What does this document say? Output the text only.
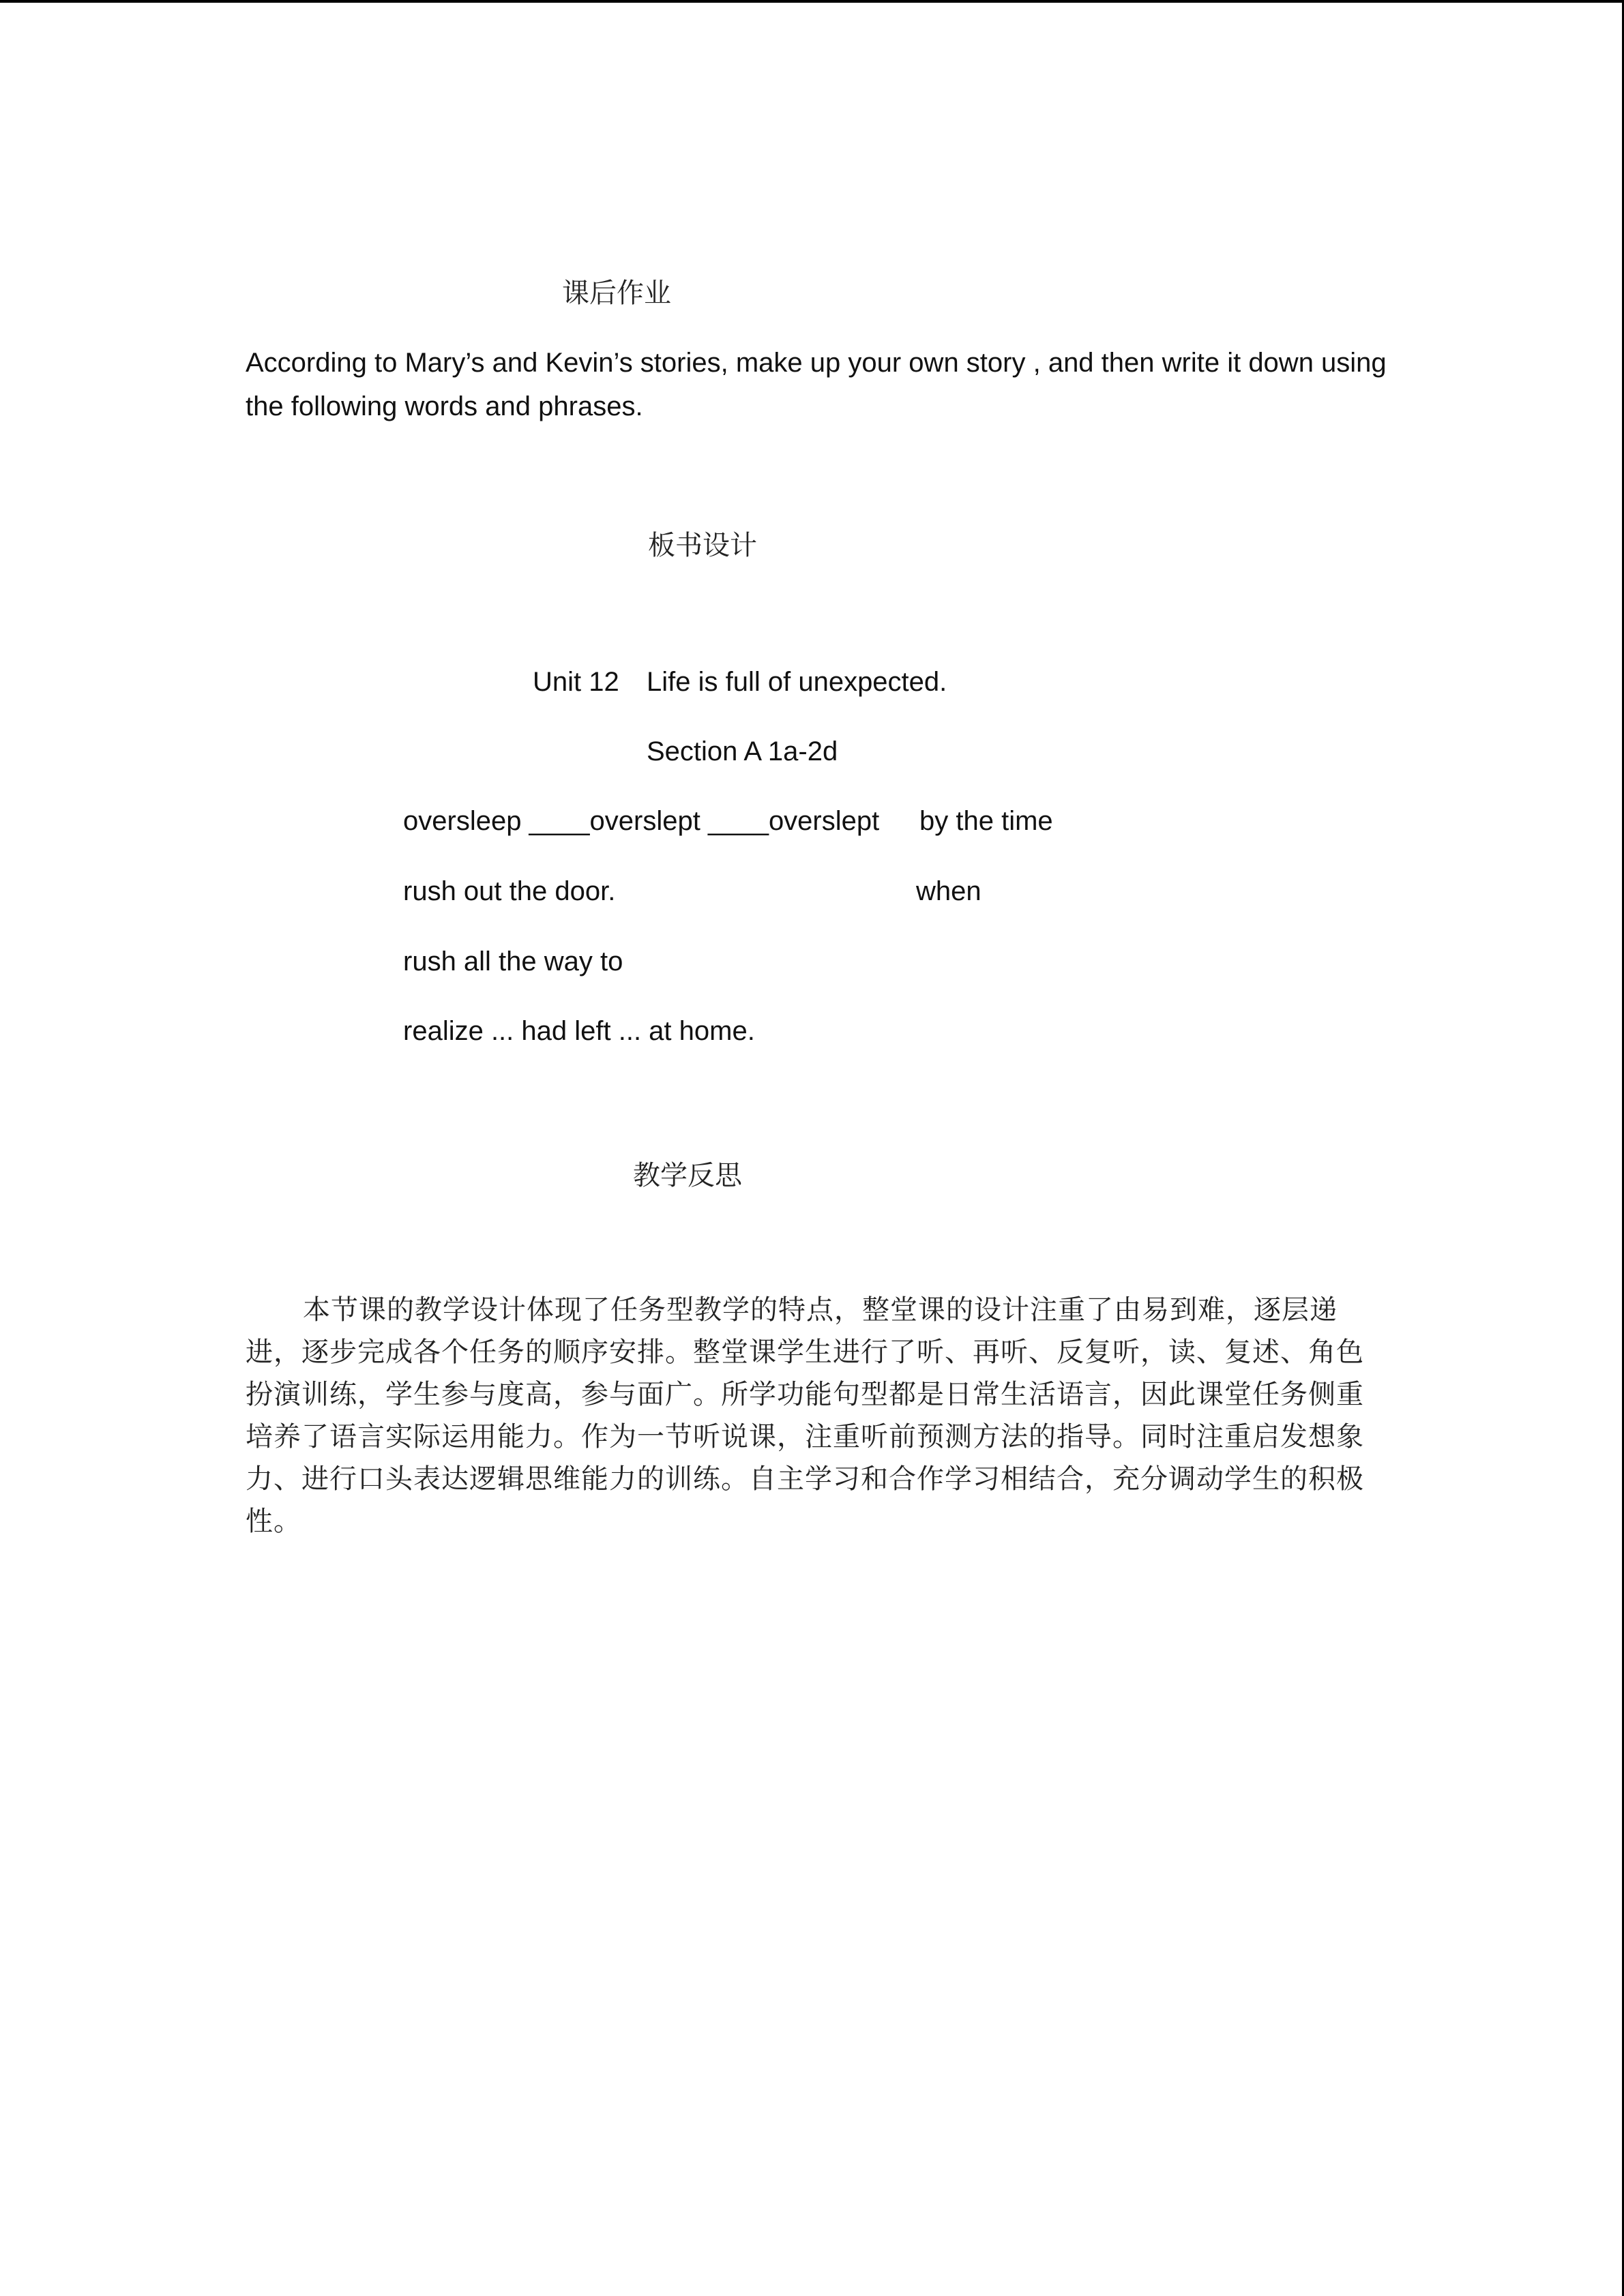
课后作业
According to Mary’s and Kevin’s stories, make up your own story , and then write it down using the following words and phrases.
板书设计
Unit 12 Life is full of unexpected.
Section A 1a-2d
oversleep ____overslept ____overslept by the time
rush out the door.	when
rush all the way to
realize ... had left ... at home.
教学反思
本节课的教学设计体现了任务型教学的特点，整堂课的设计注重了由易到难，逐层递进，逐步完成各个任务的顺序安排。整堂课学生进行了听、再听、反复听，读、复述、角色扮演训练，学生参与度高，参与面广。所学功能句型都是日常生活语言，因此课堂任务侧重培养了语言实际运用能力。作为一节听说课，注重听前预测方法的指导。同时注重启发想象力、进行口头表达逻辑思维能力的训练。自主学习和合作学习相结合，充分调动学生的积极性。
